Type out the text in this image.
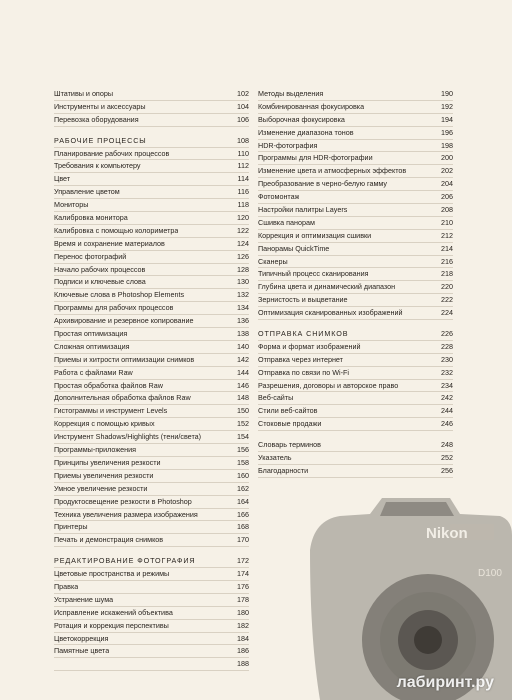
Штативы и опоры	102
Инструменты и аксессуары	104
Перевозка оборудования	106
РАБОЧИЕ ПРОЦЕССЫ	108
Планирование рабочих процессов	110
Требования к компьютеру	112
Цвет	114
Управление цветом	116
Мониторы	118
Калибровка монитора	120
Калибровка с помощью колориметра	122
Время и сохранение материалов	124
Перенос фотографий	126
Начало рабочих процессов	128
Подписи и ключевые слова	130
Ключевые слова в Photoshop Elements	132
Программы для рабочих процессов	134
Архивирование и резервное копирование	136
Простая оптимизация	138
Сложная оптимизация	140
Приемы и хитрости оптимизации снимков	142
Работа с файлами Raw	144
Простая обработка файлов Raw	146
Дополнительная обработка файлов Raw	148
Гистограммы и инструмент Levels	150
Коррекция с помощью кривых	152
Инструмент Shadows/Highlights (тени/света)	154
Программы-приложения	156
Принципы увеличения резкости	158
Приемы увеличения резкости	160
Умное увеличение резкости	162
Продуктосвещение резкости в Photoshop	164
Техника увеличения размера изображения	166
Принтеры	168
Печать и демонстрация снимков	170
РЕДАКТИРОВАНИЕ ФОТОГРАФИЯ	172
Цветовые пространства и режимы	174
Правка	176
Устранение шума	178
Исправление искажений объектива	180
Ротация и коррекция перспективы	182
Цветокоррекция	184
Памятные цвета	186
188
Методы выделения	190
Комбинированная фокусировка	192
Выборочная фокусировка	194
Изменение диапазона тонов	196
HDR-фотография	198
Программы для HDR-фотографии	200
Изменение цвета и атмосферных эффектов	202
Преобразование в черно-белую гамму	204
Фотомонтаж	206
Настройки палитры Layers	208
Сшивка панорам	210
Коррекция и оптимизация сшивки	212
Панорамы QuickTime	214
Сканеры	216
Типичный процесс сканирования	218
Глубина цвета и динамический диапазон	220
Зернистость и выцветание	222
Оптимизация сканированных изображений	224
ОТПРАВКА СНИМКОВ	226
Форма и формат изображений	228
Отправка через интернет	230
Отправка по связи по Wi-Fi	232
Разрешения, договоры и авторское право	234
Веб-сайты	242
Стили веб-сайтов	244
Стоковые продажи	246
Словарь терминов	248
Указатель	252
Благодарности	256
Nikon
D100
лабиринт.ру
